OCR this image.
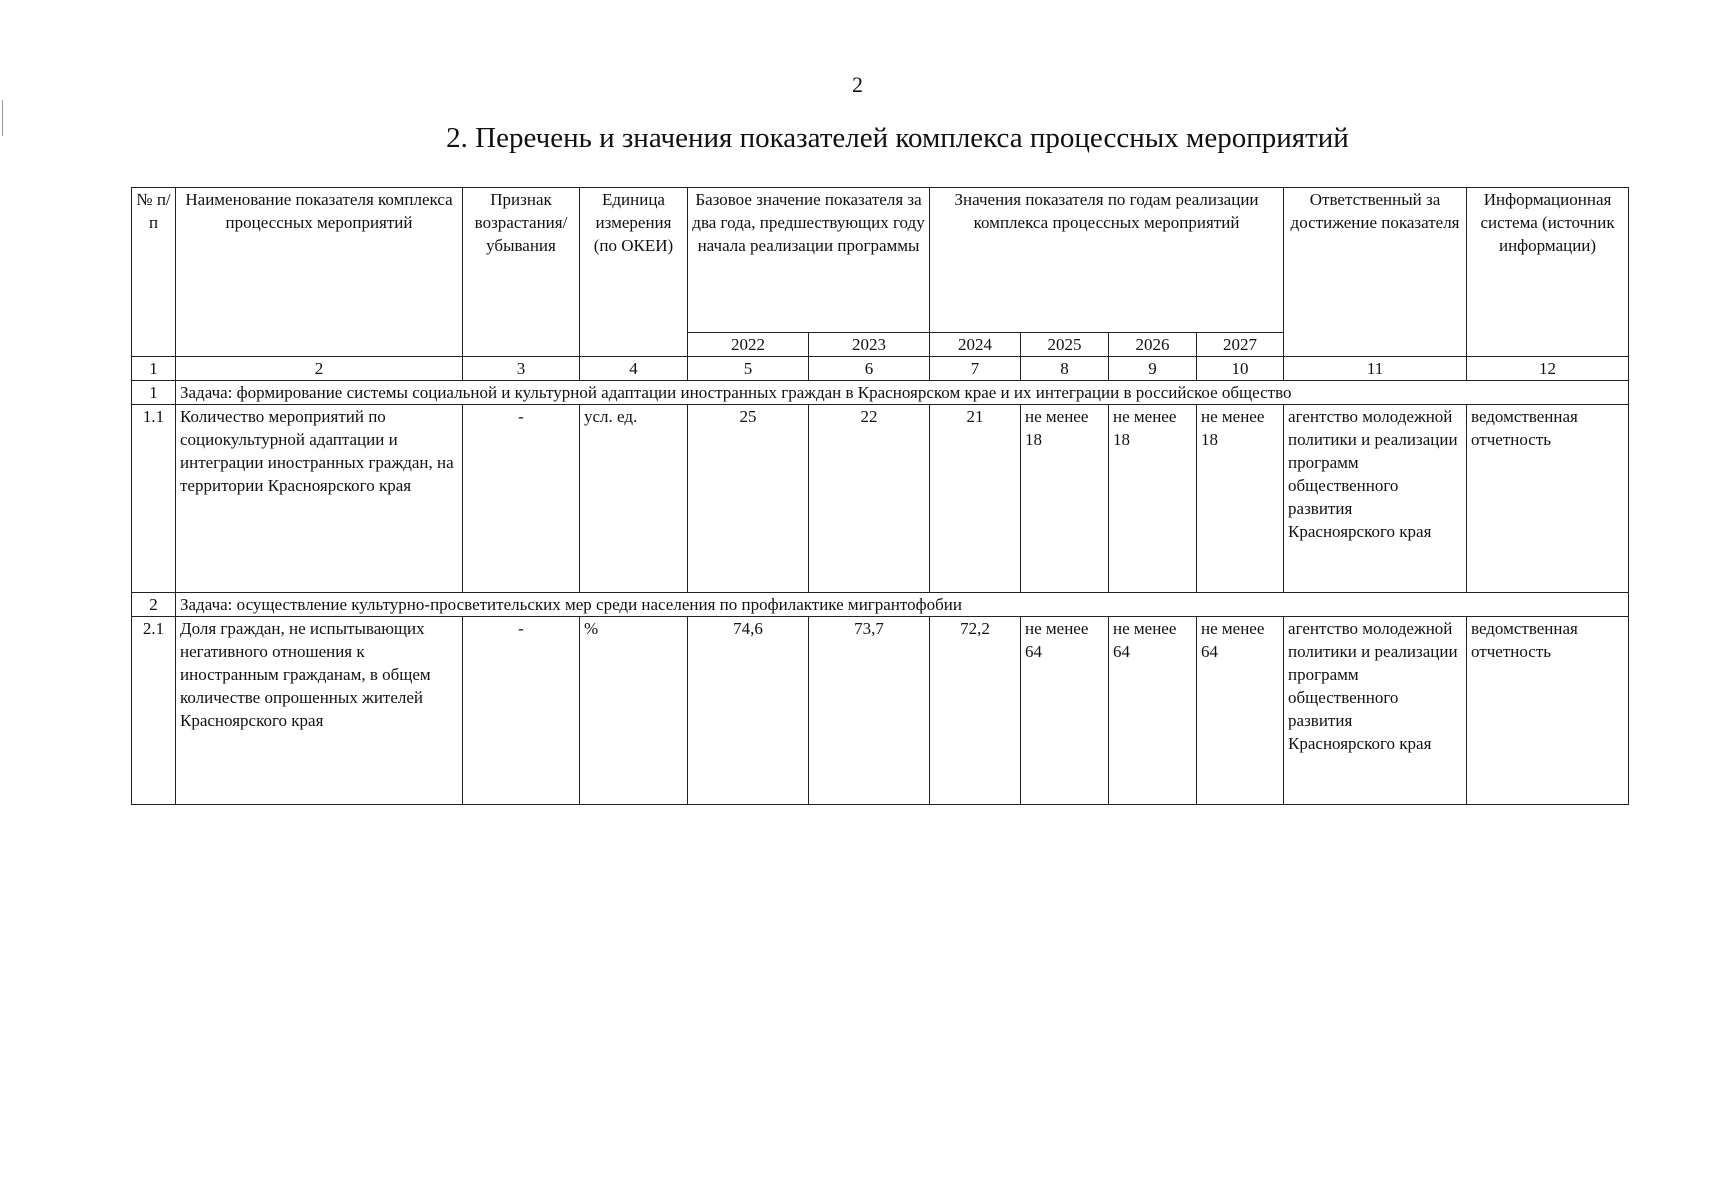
2
2. Перечень и значения показателей комплекса процессных мероприятий
№ п/п	Наименование показателя комплекса процессных мероприятий	Признак возрастания/ убывания	Единица измерения (по ОКЕИ)	Базовое значение показателя за два года, предшествующих году начала реализации программы		Значения показателя по годам реализации комплекса процессных мероприятий				Ответственный за достижение показателя	Информационная система (источник информации)
				2022	2023	2024	2025	2026	2027		
1	2	3	4	5	6	7	8	9	10	11	12
1	Задача: формирование системы социальной и культурной адаптации иностранных граждан в Красноярском крае и их интеграции в российское общество										
1.1	Количество мероприятий по социокультурной адаптации и интеграции иностранных граждан, на территории Красноярского края	-	усл. ед.	25	22	21	не менее 18	не менее 18	не менее 18	агентство молодежной политики и реализации программ общественного развития Красноярского края	ведомственная отчетность
2	Задача: осуществление культурно-просветительских мер среди населения по профилактике мигрантофобии										
2.1	Доля граждан, не испытывающих негативного отношения к иностранным гражданам, в общем количестве опрошенных жителей Красноярского края	-	%	74,6	73,7	72,2	не менее 64	не менее 64	не менее 64	агентство молодежной политики и реализации программ общественного развития Красноярского края	ведомственная отчетность
